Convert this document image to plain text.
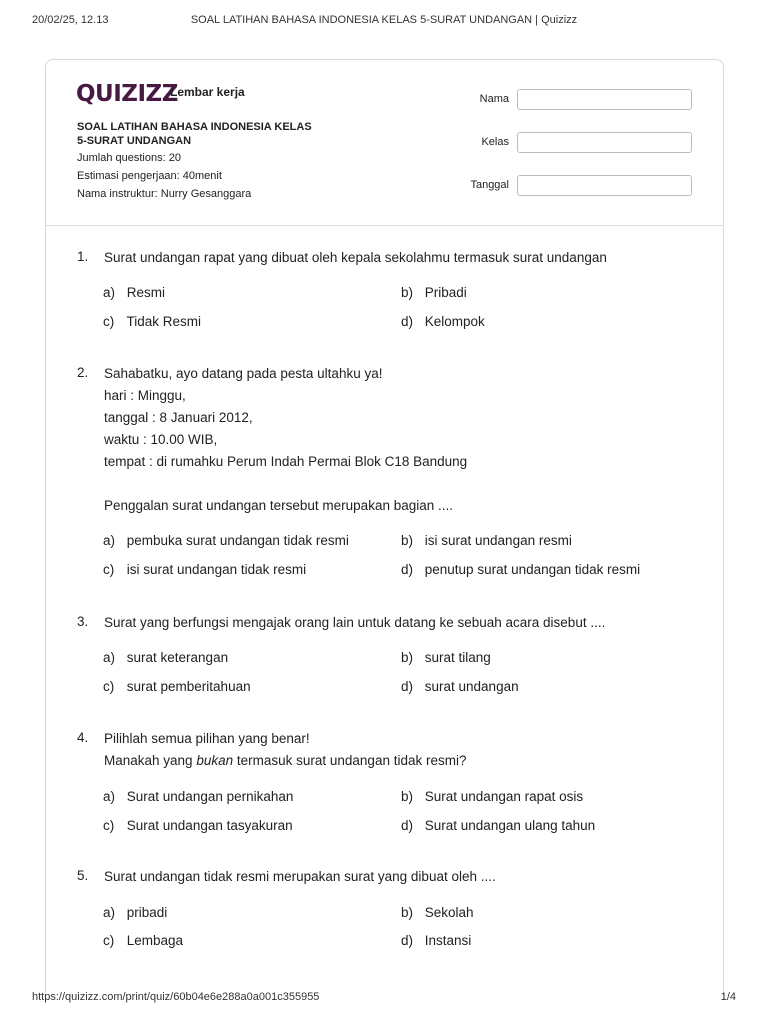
20/02/25, 12.13	SOAL LATIHAN BAHASA INDONESIA KELAS 5-SURAT UNDANGAN | Quizizz
QUIZIZZ
Lembar kerja
SOAL LATIHAN BAHASA INDONESIA KELAS
5-SURAT UNDANGAN
Jumlah questions: 20
Estimasi pengerjaan: 40menit
Nama instruktur: Nurry Gesanggara
Nama
Kelas
Tanggal
1. Surat undangan rapat yang dibuat oleh kepala sekolahmu termasuk surat undangan
a) Resmi	b) Pribadi
c) Tidak Resmi	d) Kelompok
2. Sahabatku, ayo datang pada pesta ultahku ya!
hari : Minggu,
tanggal : 8 Januari 2012,
waktu : 10.00 WIB,
tempat : di rumahku Perum Indah Permai Blok C18 Bandung
Penggalan surat undangan tersebut merupakan bagian ....
a) pembuka surat undangan tidak resmi	b) isi surat undangan resmi
c) isi surat undangan tidak resmi	d) penutup surat undangan tidak resmi
3. Surat yang berfungsi mengajak orang lain untuk datang ke sebuah acara disebut ....
a) surat keterangan	b) surat tilang
c) surat pemberitahuan	d) surat undangan
4. Pilihlah semua pilihan yang benar!
Manakah yang bukan termasuk surat undangan tidak resmi?
a) Surat undangan pernikahan	b) Surat undangan rapat osis
c) Surat undangan tasyakuran	d) Surat undangan ulang tahun
5. Surat undangan tidak resmi merupakan surat yang dibuat oleh ....
a) pribadi	b) Sekolah
c) Lembaga	d) Instansi
https://quizizz.com/print/quiz/60b04e6e288a0a001c355955	1/4
